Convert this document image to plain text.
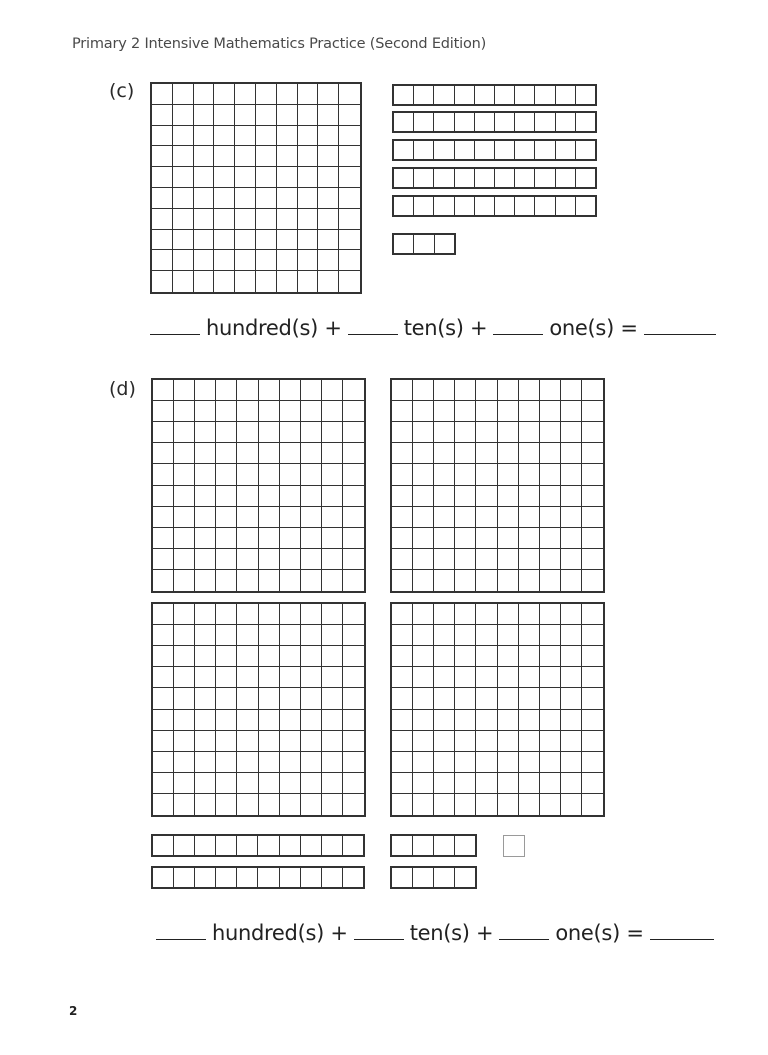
Primary 2 Intensive Mathematics Practice (Second Edition)
(c)
hundred(s) +	ten(s) +	one(s) =
(d)
hundred(s) +	ten(s) +	one(s) =
2
